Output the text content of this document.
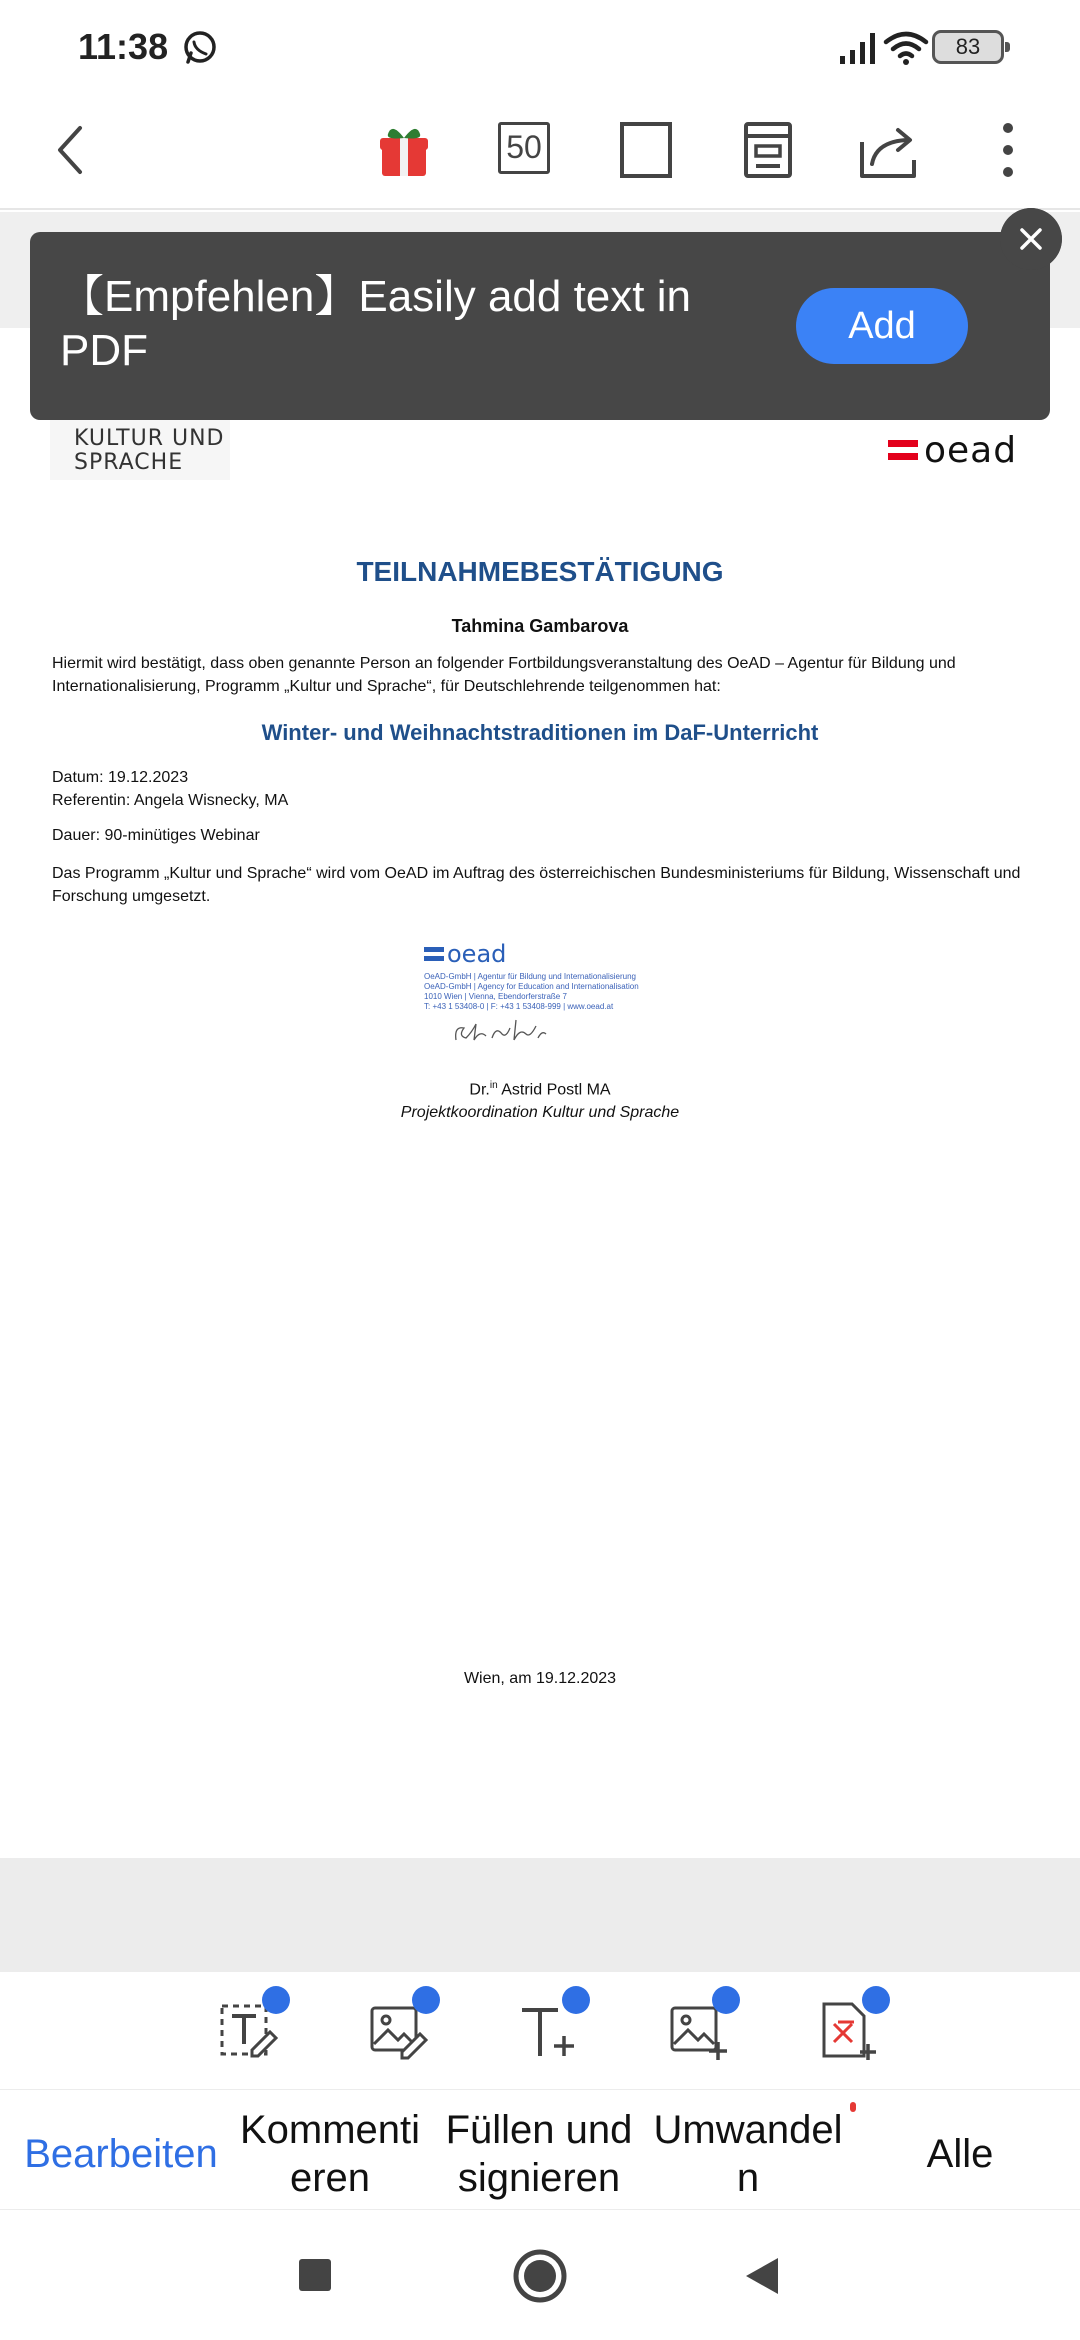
11:38	83
50
KULTUR UND
SPRACHE	oead
TEILNAHMEBESTÄTIGUNG
Tahmina Gambarova
Hiermit wird bestätigt, dass oben genannte Person an folgender Fortbildungsveranstaltung des OeAD – Agentur für Bildung und Internationalisierung, Programm „Kultur und Sprache“, für Deutschlehrende teilgenommen hat:
Winter- und Weihnachtstraditionen im DaF-Unterricht
Datum: 19.12.2023
Referentin: Angela Wisnecky, MA
Dauer: 90-minütiges Webinar
Das Programm „Kultur und Sprache“ wird vom OeAD im Auftrag des österreichischen Bundesministeriums für Bildung, Wissenschaft und Forschung umgesetzt.
oead
OeAD-GmbH | Agentur für Bildung und Internationalisierung
OeAD-GmbH | Agency for Education and Internationalisation
1010 Wien | Vienna, Ebendorferstraße 7
T: +43 1 53408-0 | F: +43 1 53408-999 | www.oead.at
Dr.$^{in}$ Astrid Postl MA
Projektkoordination Kultur und Sprache
Wien, am 19.12.2023
【Empfehlen】Easily add text in PDF	Add
Bearbeiten
Kommenti eren
Füllen und signieren
Umwandel n
Alle
